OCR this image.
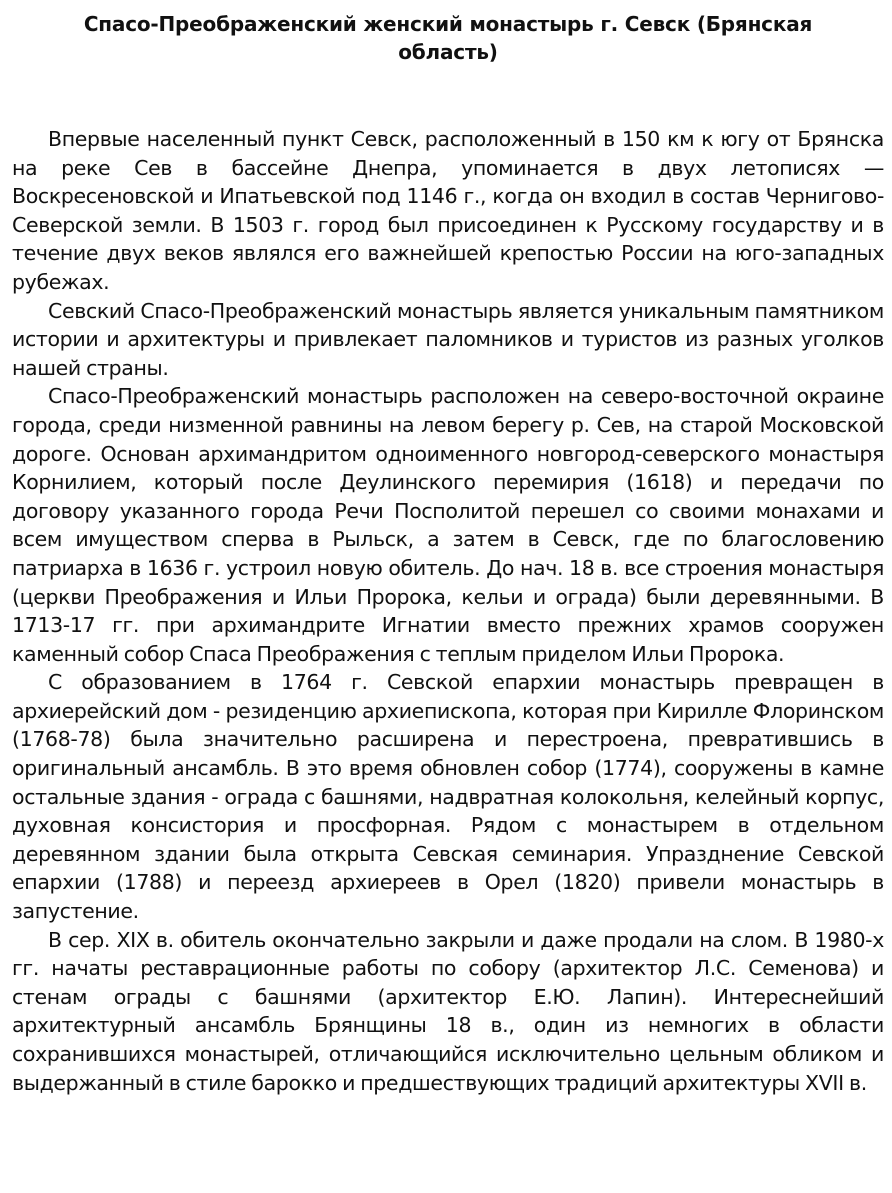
Спасо-Преображенский женский монастырь г. Севск (Брянская область)

Впервые населенный пункт Севск, расположенный в 150 км к югу от Брянска на реке Сев в бассейне Днепра, упоминается в двух летописях — Воскресеновской и Ипатьевской под 1146 г., когда он входил в состав Чернигово-Северской земли. В 1503 г. город был присоединен к Русскому государству и в течение двух веков являлся его важнейшей крепостью России на юго-западных рубежах.

Севский Спасо-Преображенский монастырь является уникальным памятником истории и архитектуры и привлекает паломников и туристов из разных уголков нашей страны.

Спасо-Преображенский монастырь расположен на северо-восточной окраине города, среди низменной равнины на левом берегу р. Сев, на старой Московской дороге. Основан архимандритом одноименного новгород-северского монастыря Корнилием, который после Деулинского перемирия (1618) и передачи по договору указанного города Речи Посполитой перешел со своими монахами и всем имуществом сперва в Рыльск, а затем в Севск, где по благословению патриарха в 1636 г. устроил новую обитель. До нач. 18 в. все строения монастыря (церкви Преображения и Ильи Пророка, кельи и ограда) были деревянными. В 1713-17 гг. при архимандрите Игнатии вместо прежних храмов сооружен каменный собор Спаса Преображения с теплым приделом Ильи Пророка.

С образованием в 1764 г. Севской епархии монастырь превращен в архиерейский дом - резиденцию архиепископа, которая при Кирилле Флоринском (1768-78) была значительно расширена и перестроена, превратившись в оригинальный ансамбль. В это время обновлен собор (1774), сооружены в камне остальные здания - ограда с башнями, надвратная колокольня, келейный корпус, духовная консистория и просфорная. Рядом с монастырем в отдельном деревянном здании была открыта Севская семинария. Упразднение Севской епархии (1788) и переезд архиереев в Орел (1820) привели монастырь в запустение.

В сер. XIX в. обитель окончательно закрыли и даже продали на слом. В 1980-х гг. начаты реставрационные работы по собору (архитектор Л.С. Семенова) и стенам ограды с башнями (архитектор Е.Ю. Лапин). Интереснейший архитектурный ансамбль Брянщины 18 в., один из немногих в области сохранившихся монастырей, отличающийся исключительно цельным обликом и выдержанный в стиле барокко и предшествующих традиций архитектуры XVII в.
